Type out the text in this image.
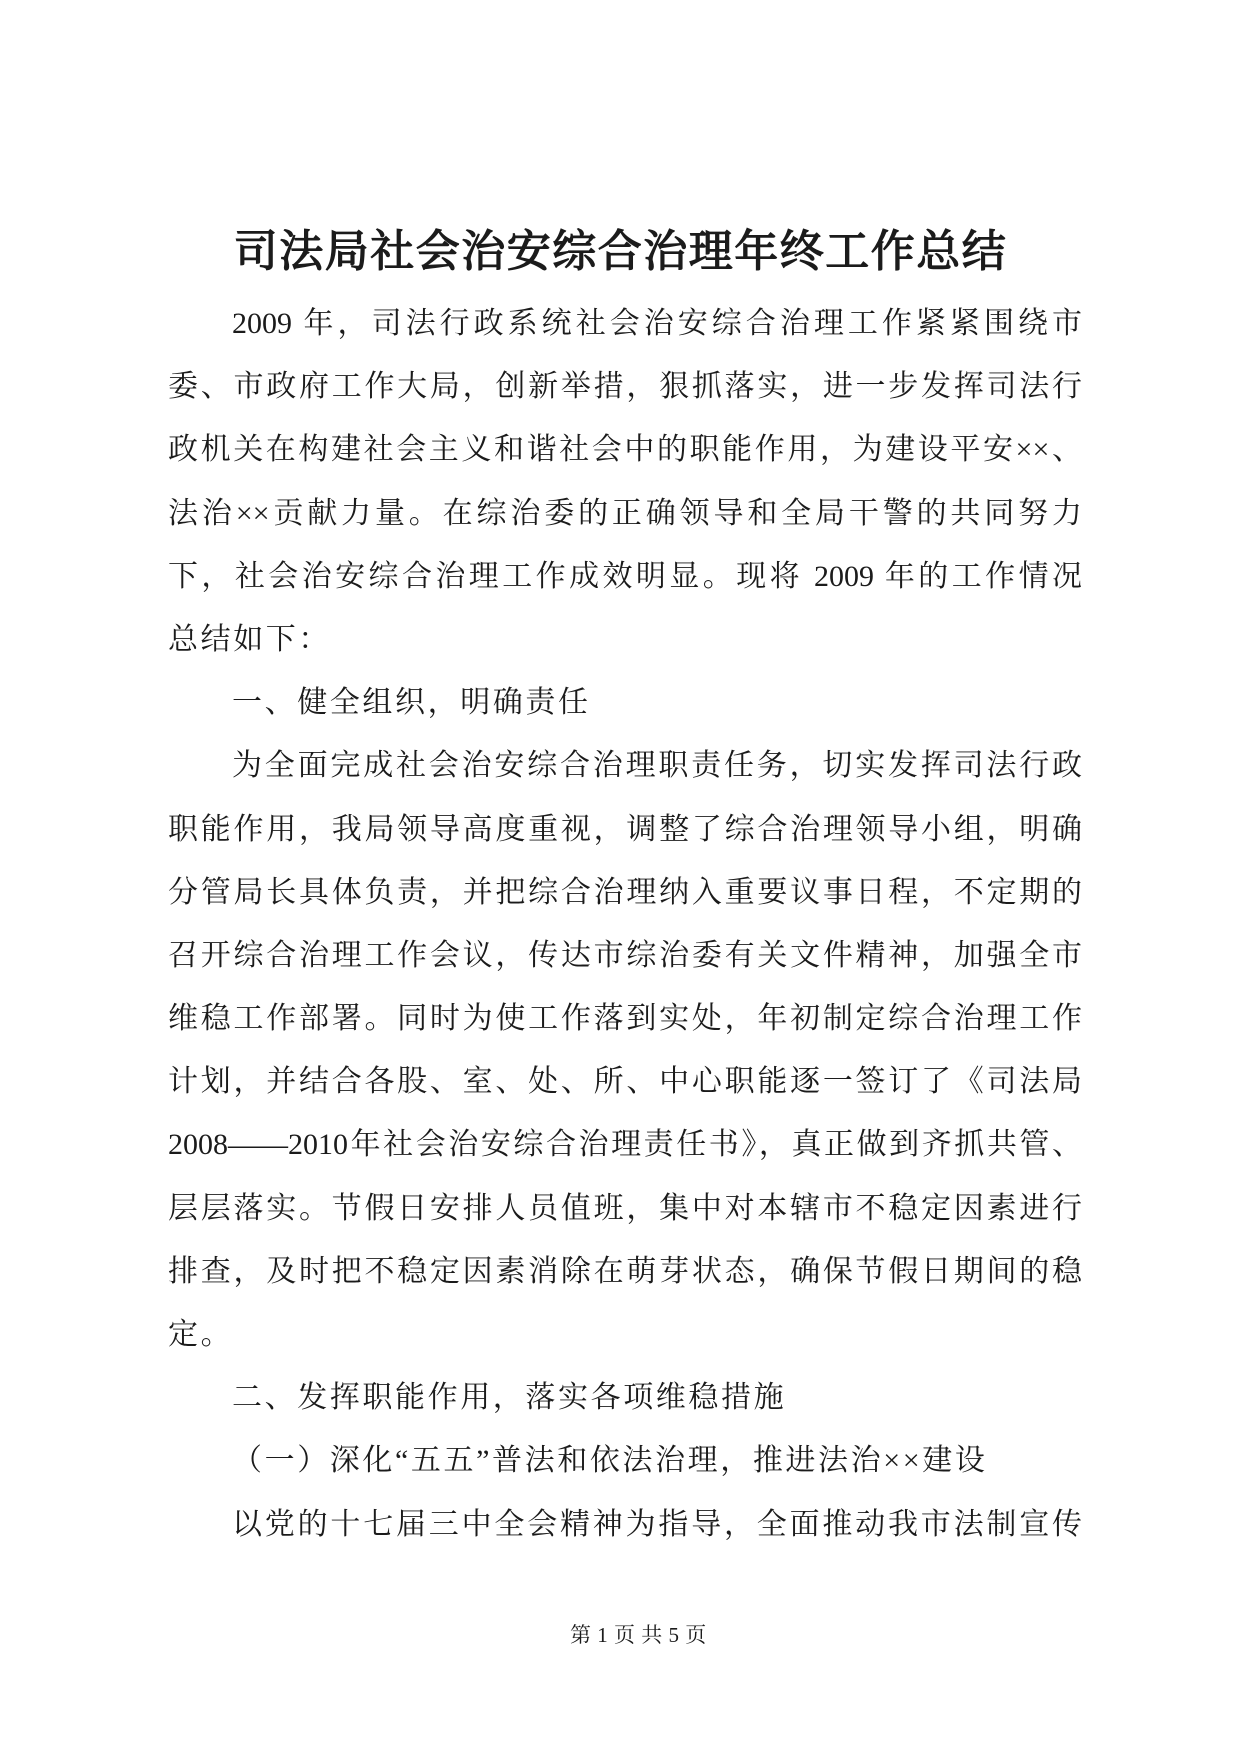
司法局社会治安综合治理年终工作总结
2009 年，司法行政系统社会治安综合治理工作紧紧围绕市
委、市政府工作大局，创新举措，狠抓落实，进一步发挥司法行
政机关在构建社会主义和谐社会中的职能作用，为建设平安××、
法治××贡献力量。在综治委的正确领导和全局干警的共同努力
下，社会治安综合治理工作成效明显。现将 2009 年的工作情况
总结如下：
一、健全组织，明确责任
为全面完成社会治安综合治理职责任务，切实发挥司法行政
职能作用，我局领导高度重视，调整了综合治理领导小组，明确
分管局长具体负责，并把综合治理纳入重要议事日程，不定期的
召开综合治理工作会议，传达市综治委有关文件精神，加强全市
维稳工作部署。同时为使工作落到实处，年初制定综合治理工作
计划，并结合各股、室、处、所、中心职能逐一签订了《司法局
2008——2010年社会治安综合治理责任书》，真正做到齐抓共管、
层层落实。节假日安排人员值班，集中对本辖市不稳定因素进行
排查，及时把不稳定因素消除在萌芽状态，确保节假日期间的稳
定。
二、发挥职能作用，落实各项维稳措施
（一）深化“五五”普法和依法治理，推进法治××建设
以党的十七届三中全会精神为指导，全面推动我市法制宣传
第 1 页 共 5 页
